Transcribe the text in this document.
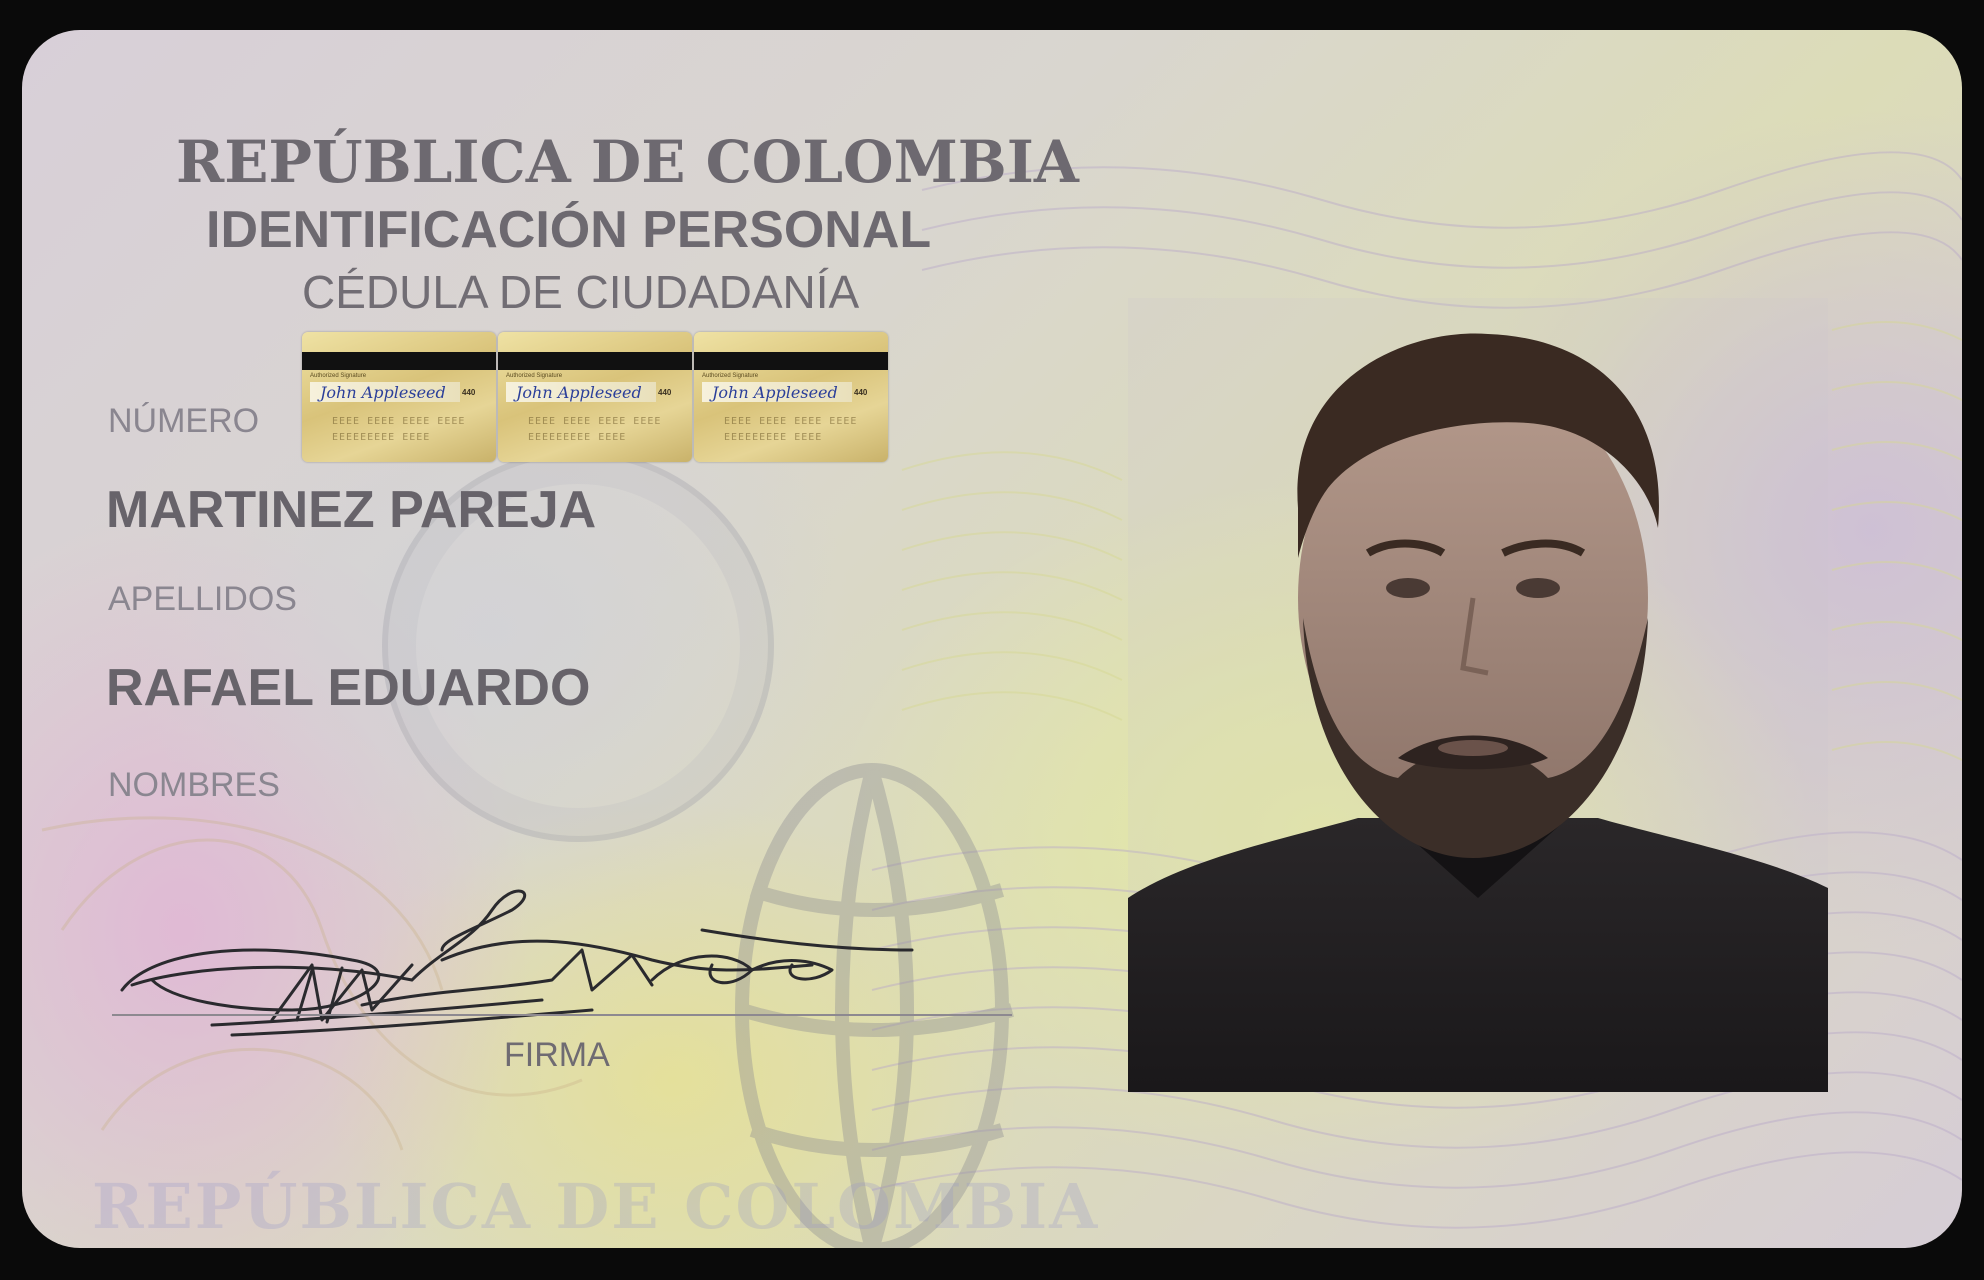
REPÚBLICA DE COLOMBIA
REPÚBLICA DE COLOMBIA
IDENTIFICACIÓN PERSONAL
CÉDULA DE CIUDADANÍA
NÚMERO
Authorized Signature
John Appleseed 440
EEEE EEEE EEEE EEEE
EEEEEEEEE EEEE
Authorized Signature
John Appleseed 440
EEEE EEEE EEEE EEEE
EEEEEEEEE EEEE
Authorized Signature
John Appleseed 440
EEEE EEEE EEEE EEEE
EEEEEEEEE EEEE
MARTINEZ PAREJA
APELLIDOS
RAFAEL EDUARDO
NOMBRES
FIRMA
